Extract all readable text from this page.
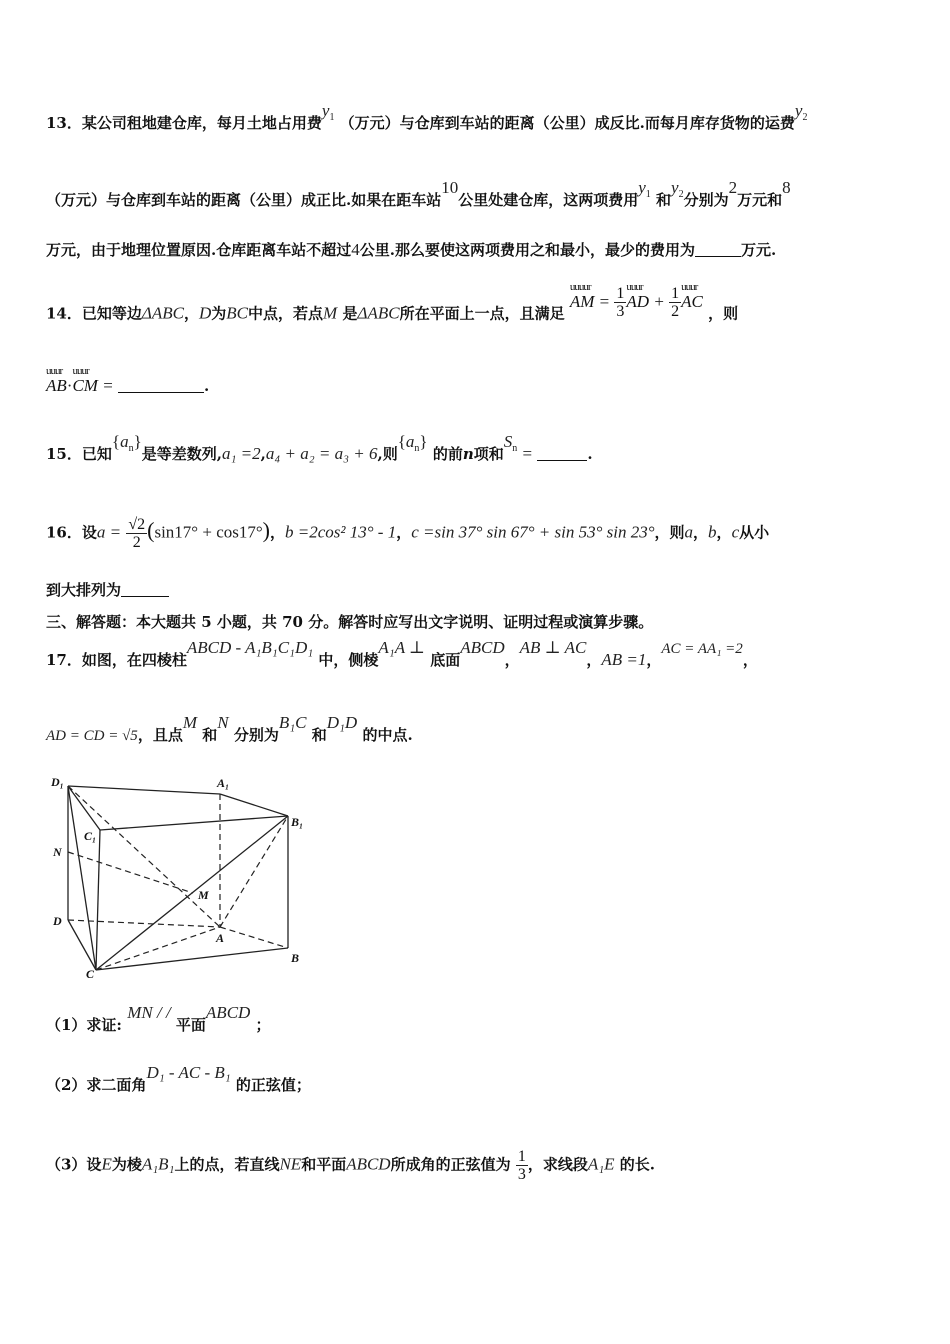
13．某公司租地建仓库，每月土地占用费$y_1$ （万元）与仓库到车站的距离（公里）成反比.而每月库存货物的运费$y_2$
（万元）与仓库到车站的距离（公里）成正比.如果在距车站10公里处建仓库，这两项费用$y_1$ 和$y_2$分别为2万元和8
万元，由于地理位置原因.仓库距离车站不超过4公里.那么要使这两项费用之和最小，最少的费用为	万元.
14．已知等边ΔABC，D为BC中点，若点M 是ΔABC所在平面上一点，且满足
uuuur
AM = $\frac{1}{3}$ uuur
AD + $\frac{1}{2}$ uuur
AC ，则
uuur
AB·
uuur
CM =	.
15．已知$\{a_n\}$是等差数列,a₁ =2,a₄ + a₂ = a₃ + 6,则$\{a_n\}$ 的前n项和$S_n$ =	.
16．设$a = \frac{√2}{2} (\sin 17^\circ + \cos 17^\circ)$，b =2cos² 13° - 1，c =sin 37° sin 67° + sin 53° sin 23°，则a，b，c从小
到大排列为
三、解答题：本大题共 5 小题，共 70 分。解答时应写出文字说明、证明过程或演算步骤。
17．如图，在四棱柱ABCD - A₁B₁C₁D₁ 中，侧棱A₁A ⊥ 底面ABCD，AB ⊥ AC，AB =1，AC = AA₁ =2，
AD = CD = √5，且点M 和N 分别为B₁C 和D₁D 的中点.
D₁	A₁
B₁
C₁
N
M
D
A
B
C
（1）求证: MN / / 平面ABCD ；
（2）求二面角D₁ - AC - B₁ 的正弦值；
（3）设E为棱A₁B₁上的点，若直线NE和平面ABCD所成角的正弦值为 $\frac{1}{3}$ ，求线段A₁E 的长.
